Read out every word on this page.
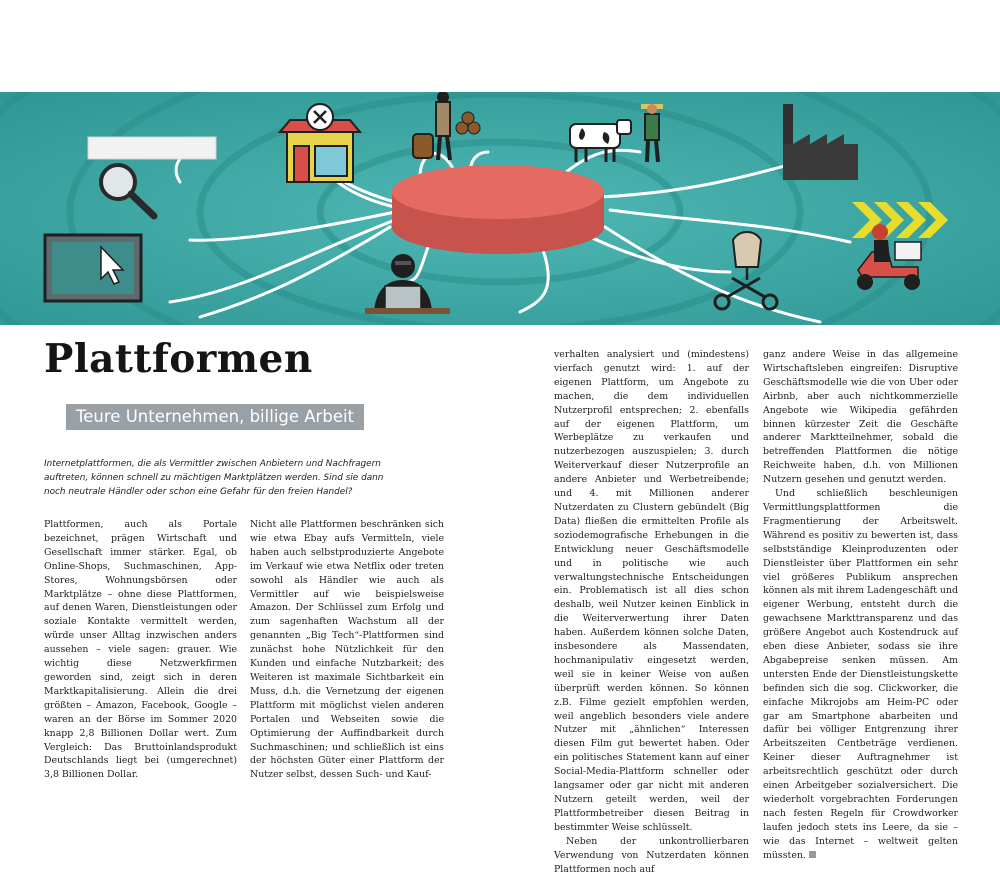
Plattformen
Teure Unternehmen, billige Arbeit
Internetplattformen, die als Vermittler zwischen Anbietern und Nachfragern auftreten, können schnell zu mächtigen Marktplätzen werden. Sind sie dann noch neutrale Händler oder schon eine Gefahr für den freien Handel?

Plattformen, auch als Portale bezeichnet, prägen Wirtschaft und Gesellschaft immer stärker. Egal, ob Online-Shops, Suchmaschinen, App-Stores, Wohnungsbörsen oder Marktplätze – ohne diese Plattformen, auf denen Waren, Dienstleistungen oder soziale Kontakte vermittelt werden, würde unser Alltag inzwischen anders aussehen – viele sagen: grauer. Wie wichtig diese Netzwerkfirmen geworden sind, zeigt sich in deren Marktkapitalisierung. Allein die drei größten – Amazon, Facebook, Google – waren an der Börse im Sommer 2020 knapp 2,8 Billionen Dollar wert. Zum Vergleich: Das Bruttoinlandsprodukt Deutschlands liegt bei (umgerechnet) 3,8 Billionen Dollar.

Nicht alle Plattformen beschränken sich wie etwa Ebay aufs Vermitteln, viele haben auch selbstproduzierte Angebote im Verkauf wie etwa Netflix oder treten sowohl als Händler wie auch als Vermittler auf wie beispielsweise Amazon. Der Schlüssel zum Erfolg und zum sagenhaften Wachstum all der genannten „Big Tech“-Plattformen sind zunächst hohe Nützlichkeit für den Kunden und einfache Nutzbarkeit; des Weiteren ist maximale Sichtbarkeit ein Muss, d.h. die Vernetzung der eigenen Plattform mit möglichst vielen anderen Portalen und Webseiten sowie die Optimierung der Auffindbarkeit durch Suchmaschinen; und schließlich ist eins der höchsten Güter einer Plattform der Nutzer selbst, dessen Such- und Kauf-

verhalten analysiert und (mindestens) vierfach genutzt wird: 1. auf der eigenen Plattform, um Angebote zu machen, die dem individuellen Nutzerprofil entsprechen; 2. ebenfalls auf der eigenen Plattform, um Werbeplätze zu verkaufen und nutzerbezogen auszuspielen; 3. durch Weiterverkauf dieser Nutzerprofile an andere Anbieter und Werbetreibende; und 4. mit Millionen anderer Nutzerdaten zu Clustern gebündelt (Big Data) fließen die ermittelten Profile als soziodemografische Erhebungen in die Entwicklung neuer Geschäftsmodelle und in politische wie auch verwaltungstechnische Entscheidungen ein. Problematisch ist all dies schon deshalb, weil Nutzer keinen Einblick in die Weiterverwertung ihrer Daten haben. Außerdem können solche Daten, insbesondere als Massendaten, hochmanipulativ eingesetzt werden, weil sie in keiner Weise von außen überprüft werden können. So können z.B. Filme gezielt empfohlen werden, weil angeblich besonders viele andere Nutzer mit „ähnlichen“ Interessen diesen Film gut bewertet haben. Oder ein politisches Statement kann auf einer Social-Media-Plattform schneller oder langsamer oder gar nicht mit anderen Nutzern geteilt werden, weil der Plattformbetreiber diesen Beitrag in bestimmter Weise schlüsselt.

Neben der unkontrollierbaren Verwendung von Nutzerdaten können Plattformen noch auf

ganz andere Weise in das allgemeine Wirtschaftsleben eingreifen: Disruptive Geschäftsmodelle wie die von Uber oder Airbnb, aber auch nichtkommerzielle Angebote wie Wikipedia gefährden binnen kürzester Zeit die Geschäfte anderer Marktteilnehmer, sobald die betreffenden Plattformen die nötige Reichweite haben, d.h. von Millionen Nutzern gesehen und genutzt werden.

Und schließlich beschleunigen Vermittlungsplattformen die Fragmentierung der Arbeitswelt. Während es positiv zu bewerten ist, dass selbstständige Kleinproduzenten oder Dienstleister über Plattformen ein sehr viel größeres Publikum ansprechen können als mit ihrem Ladengeschäft und eigener Werbung, entsteht durch die gewachsene Markttransparenz und das größere Angebot auch Kostendruck auf eben diese Anbieter, sodass sie ihre Abgabepreise senken müssen. Am untersten Ende der Dienstleistungskette befinden sich die sog. Clickworker, die einfache Mikrojobs am Heim-PC oder gar am Smartphone abarbeiten und dafür bei völliger Entgrenzung ihrer Arbeitszeiten Centbeträge verdienen. Keiner dieser Auftragnehmer ist arbeitsrechtlich geschützt oder durch einen Arbeitgeber sozialversichert. Die wiederholt vorgebrachten Forderungen nach festen Regeln für Crowdworker laufen jedoch stets ins Leere, da sie – wie das Internet – weltweit gelten müssten.
